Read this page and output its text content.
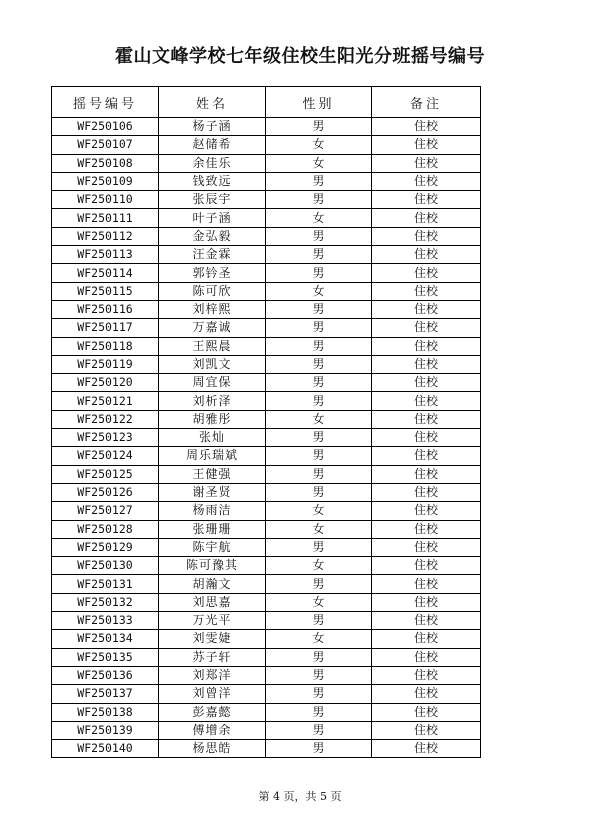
霍山文峰学校七年级住校生阳光分班摇号编号
摇号编号	姓名	性别	备注
WF250106	杨子涵	男	住校
WF250107	赵储希	女	住校
WF250108	余佳乐	女	住校
WF250109	钱致远	男	住校
WF250110	张辰宇	男	住校
WF250111	叶子涵	女	住校
WF250112	金弘毅	男	住校
WF250113	汪金霖	男	住校
WF250114	郭钤圣	男	住校
WF250115	陈可欣	女	住校
WF250116	刘梓熙	男	住校
WF250117	万嘉诚	男	住校
WF250118	王熙晨	男	住校
WF250119	刘凯文	男	住校
WF250120	周宜保	男	住校
WF250121	刘析泽	男	住校
WF250122	胡雅彤	女	住校
WF250123	张灿	男	住校
WF250124	周乐瑞斌	男	住校
WF250125	王健强	男	住校
WF250126	谢圣贤	男	住校
WF250127	杨雨洁	女	住校
WF250128	张珊珊	女	住校
WF250129	陈宇航	男	住校
WF250130	陈可豫其	女	住校
WF250131	胡瀚文	男	住校
WF250132	刘思嘉	女	住校
WF250133	万光平	男	住校
WF250134	刘雯婕	女	住校
WF250135	苏子轩	男	住校
WF250136	刘郑洋	男	住校
WF250137	刘曾洋	男	住校
WF250138	彭嘉懿	男	住校
WF250139	傅增余	男	住校
WF250140	杨思皓	男	住校
第 4 页，共 5 页
